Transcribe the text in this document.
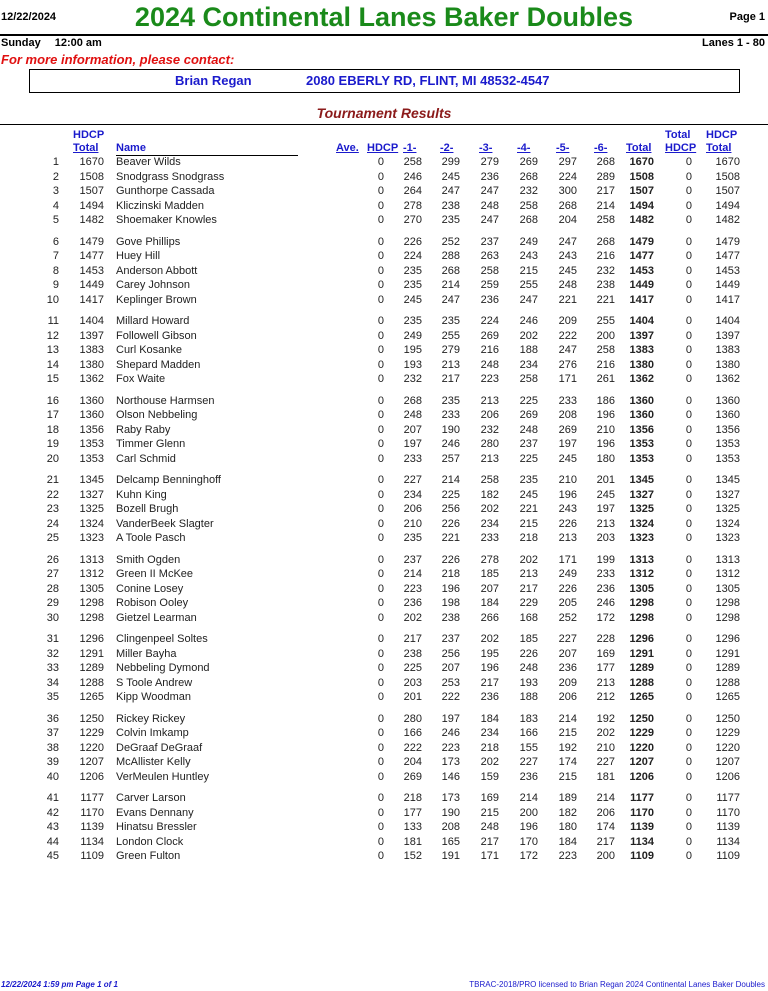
12/22/2024	2024 Continental Lanes Baker Doubles	Page 1
Sunday 12:00 am	Lanes 1 - 80
For more information, please contact:
Brian Regan	2080 EBERLY RD, FLINT, MI 48532-4547
Tournament Results
HDCP
Total	Name	Ave. HDCP -1- -2- -3- -4- -5- -6- Total
Total
HDCP
HDCP
Total
1 1670 Beaver Wilds	0 258 299 279 269 297 268 1670	0 1670
2 1508 Snodgrass Snodgrass	0 246 245 236 268 224 289 1508	0 1508
3 1507 Gunthorpe Cassada	0 264 247 247 232 300 217 1507	0 1507
4 1494 Kliczinski Madden	0 278 238 248 258 268 214 1494	0 1494
5 1482 Shoemaker Knowles	0 270 235 247 268 204 258 1482	0 1482
6 1479 Gove Phillips	0 226 252 237 249 247 268 1479	0 1479
7 1477 Huey Hill	0 224 288 263 243 243 216 1477	0 1477
8 1453 Anderson Abbott	0 235 268 258 215 245 232 1453	0 1453
9 1449 Carey Johnson	0 235 214 259 255 248 238 1449	0 1449
10 1417 Keplinger Brown	0 245 247 236 247 221 221 1417	0 1417
11 1404 Millard Howard	0 235 235 224 246 209 255 1404	0 1404
12 1397 Followell Gibson	0 249 255 269 202 222 200 1397	0 1397
13 1383 Curl Kosanke	0 195 279 216 188 247 258 1383	0 1383
14 1380 Shepard Madden	0 193 213 248 234 276 216 1380	0 1380
15 1362 Fox Waite	0 232 217 223 258 171 261 1362	0 1362
16 1360 Northouse Harmsen	0 268 235 213 225 233 186 1360	0 1360
17 1360 Olson Nebbeling	0 248 233 206 269 208 196 1360	0 1360
18 1356 Raby Raby	0 207 190 232 248 269 210 1356	0 1356
19 1353 Timmer Glenn	0 197 246 280 237 197 196 1353	0 1353
20 1353 Carl Schmid	0 233 257 213 225 245 180 1353	0 1353
21 1345 Delcamp Benninghoff	0 227 214 258 235 210 201 1345	0 1345
22 1327 Kuhn King	0 234 225 182 245 196 245 1327	0 1327
23 1325 Bozell Brugh	0 206 256 202 221 243 197 1325	0 1325
24 1324 VanderBeek Slagter	0 210 226 234 215 226 213 1324	0 1324
25 1323 A Toole Pasch	0 235 221 233 218 213 203 1323	0 1323
26 1313 Smith Ogden	0 237 226 278 202 171 199 1313	0 1313
27 1312 Green II McKee	0 214 218 185 213 249 233 1312	0 1312
28 1305 Conine Losey	0 223 196 207 217 226 236 1305	0 1305
29 1298 Robison Ooley	0 236 198 184 229 205 246 1298	0 1298
30 1298 Gietzel Learman	0 202 238 266 168 252 172 1298	0 1298
31 1296 Clingenpeel Soltes	0 217 237 202 185 227 228 1296	0 1296
32 1291 Miller Bayha	0 238 256 195 226 207 169 1291	0 1291
33 1289 Nebbeling Dymond	0 225 207 196 248 236 177 1289	0 1289
34 1288 S Toole Andrew	0 203 253 217 193 209 213 1288	0 1288
35 1265 Kipp Woodman	0 201 222 236 188 206 212 1265	0 1265
36 1250 Rickey Rickey	0 280 197 184 183 214 192 1250	0 1250
37 1229 Colvin Imkamp	0 166 246 234 166 215 202 1229	0 1229
38 1220 DeGraaf DeGraaf	0 222 223 218 155 192 210 1220	0 1220
39 1207 McAllister Kelly	0 204 173 202 227 174 227 1207	0 1207
40 1206 VerMeulen Huntley	0 269 146 159 236 215 181 1206	0 1206
41 1177 Carver Larson	0 218 173 169 214 189 214 1177	0 1177
42 1170 Evans Dennany	0 177 190 215 200 182 206 1170	0 1170
43 1139 Hinatsu Bressler	0 133 208 248 196 180 174 1139	0 1139
44 1134 London Clock	0 181 165 217 170 184 217 1134	0 1134
45 1109 Green Fulton	0 152 191 171 172 223 200 1109	0 1109
12/22/2024 1:59 pm Page 1 of 1	TBRAC-2018/PRO licensed to Brian Regan 2024 Continental Lanes Baker Doubles
